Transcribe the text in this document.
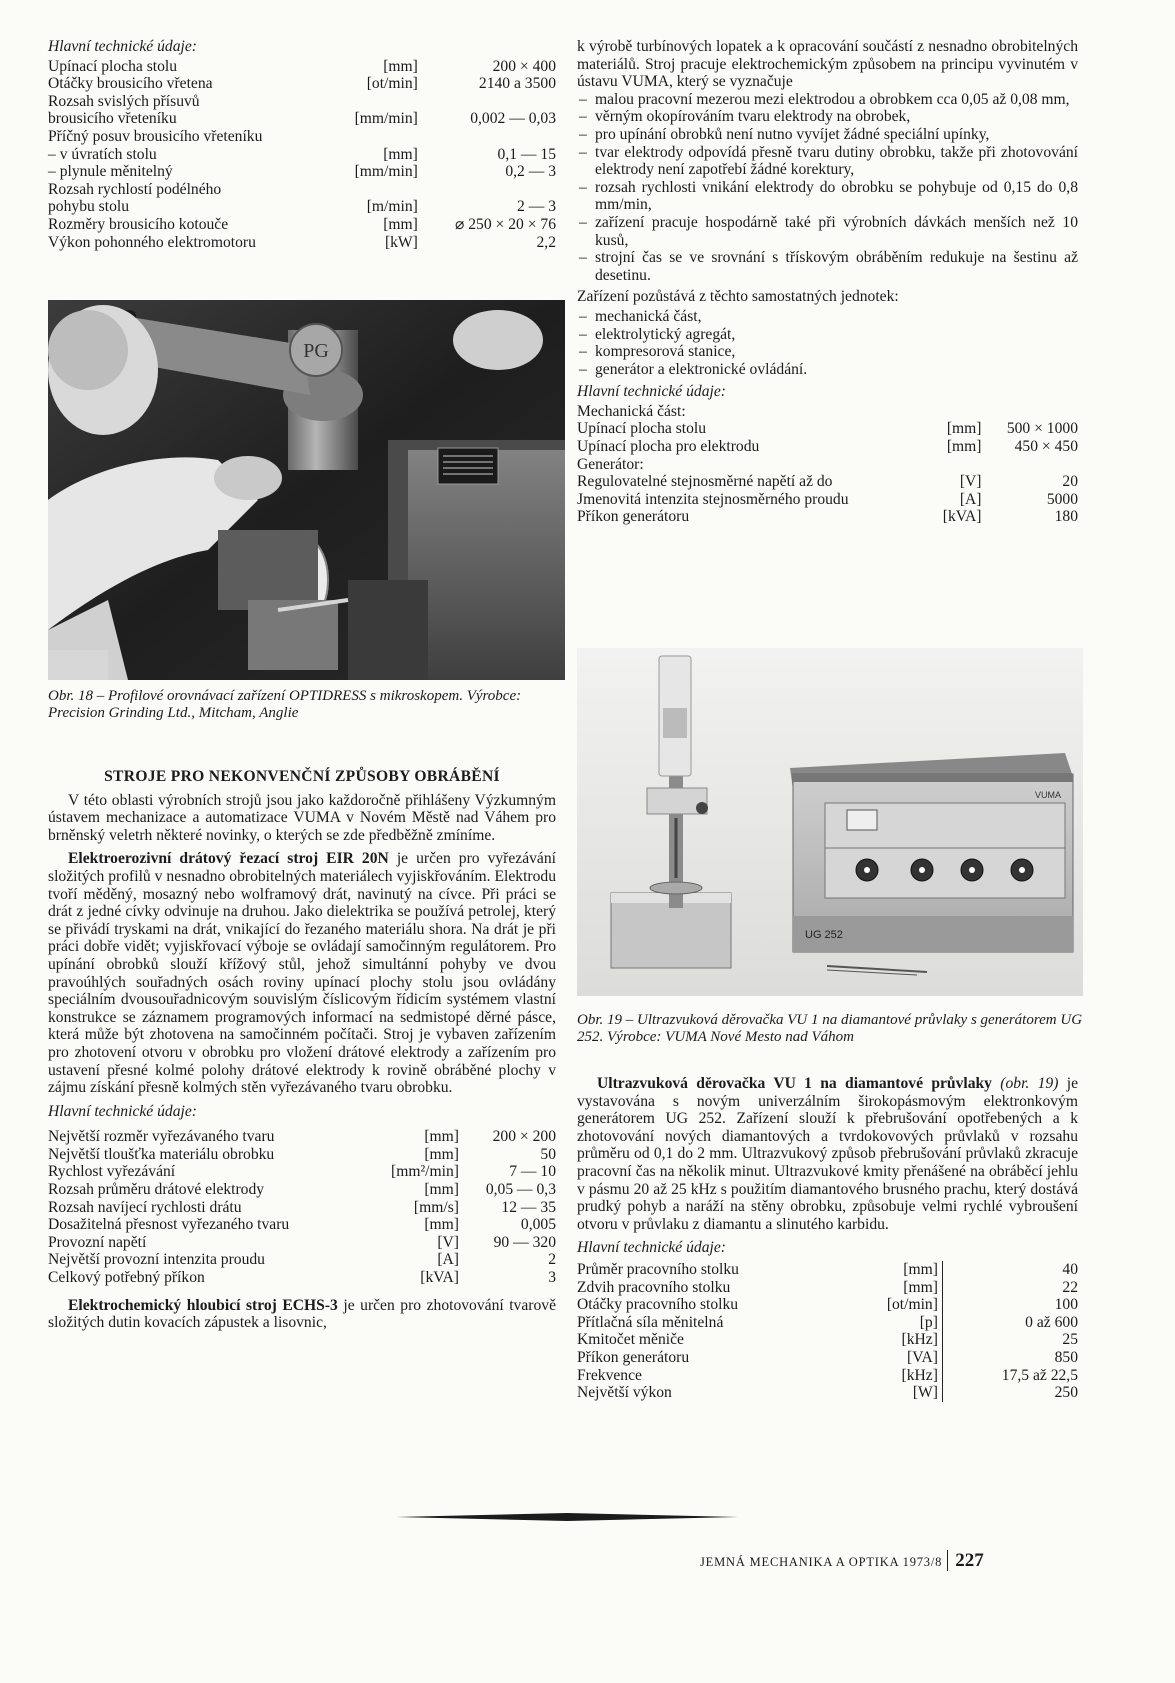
Hlavní technické údaje:
Upínací plocha stolu	[mm]	200 × 400
Otáčky brousicího vřetena	[ot/min]	2140 a 3500
Rozsah svislých přísuvů		
brousicího vřeteníku	[mm/min]	0,002 — 0,03
Příčný posuv brousicího vřeteníku		
– v úvratích stolu	[mm]	0,1 — 15
– plynule měnitelný	[mm/min]	0,2 — 3
Rozsah rychlostí podélného		
pohybu stolu	[m/min]	2 — 3
Rozměry brousicího kotouče	[mm]	⌀ 250 × 20 × 76
Výkon pohonného elektromotoru	[kW]	2,2
PG
Obr. 18 – Profilové orovnávací zařízení OPTIDRESS s mikroskopem. Výrobce: Precision Grinding Ltd., Mitcham, Anglie
STROJE PRO NEKONVENČNÍ ZPŮSOBY OBRÁBĚNÍ

V této oblasti výrobních strojů jsou jako každoročně přihlášeny Výzkumným ústavem mechanizace a automatizace VUMA v Novém Městě nad Váhem pro brněnský veletrh některé novinky, o kterých se zde předběžně zmíníme.

Elektroerozivní drátový řezací stroj EIR 20N je určen pro vyřezávání složitých profilů v nesnadno obrobitelných materiálech vyjiskřováním. Elektrodu tvoří měděný, mosazný nebo wolframový drát, navinutý na cívce. Při práci se drát z jedné cívky odvinuje na druhou. Jako dielektrika se používá petrolej, který se přivádí tryskami na drát, vnikající do řezaného materiálu shora. Na drát je při práci dobře vidět; vyjiskřovací výboje se ovládají samočinným regulátorem. Pro upínání obrobků slouží křížový stůl, jehož simultánní pohyby ve dvou pravoúhlých souřadných osách roviny upínací plochy stolu jsou ovládány speciálním dvousouřadnicovým souvislým číslicovým řídicím systémem vlastní konstrukce se záznamem programových informací na sedmistopé děrné pásce, která může být zhotovena na samočinném počítači. Stroj je vybaven zařízením pro zhotovení otvoru v obrobku pro vložení drátové elektrody a zařízením pro ustavení přesné kolmé polohy drátové elektrody k rovině obráběné plochy v zájmu získání přesně kolmých stěn vyřezávaného tvaru obrobku.

Hlavní technické údaje:
Největší rozměr vyřezávaného tvaru	[mm]	200 × 200
Největší tloušťka materiálu obrobku	[mm]	50
Rychlost vyřezávání	[mm²/min]	7 — 10
Rozsah průměru drátové elektrody	[mm]	0,05 — 0,3
Rozsah navíjecí rychlosti drátu	[mm/s]	12 — 35
Dosažitelná přesnost vyřezaného tvaru	[mm]	0,005
Provozní napětí	[V]	90 — 320
Největší provozní intenzita proudu	[A]	2
Celkový potřebný příkon	[kVA]	3

Elektrochemický hloubicí stroj ECHS-3 je určen pro zhotovování tvarově složitých dutin kovacích zápustek a lisovnic,

k výrobě turbínových lopatek a k opracování součástí z nesnadno obrobitelných materiálů. Stroj pracuje elektrochemickým způsobem na principu vyvinutém v ústavu VUMA, který se vyznačuje

– malou pracovní mezerou mezi elektrodou a obrobkem cca 0,05 až 0,08 mm,
– věrným okopírováním tvaru elektrody na obrobek,
– pro upínání obrobků není nutno vyvíjet žádné speciální upínky,
– tvar elektrody odpovídá přesně tvaru dutiny obrobku, takže při zhotovování elektrody není zapotřebí žádné korektury,
– rozsah rychlosti vnikání elektrody do obrobku se pohybuje od 0,15 do 0,8 mm/min,
– zařízení pracuje hospodárně také při výrobních dávkách menších než 10 kusů,
– strojní čas se ve srovnání s třískovým obráběním redukuje na šestinu až desetinu.

Zařízení pozůstává z těchto samostatných jednotek:

– mechanická část,
– elektrolytický agregát,
– kompresorová stanice,
– generátor a elektronické ovládání.
Hlavní technické údaje:
Mechanická část:		
Upínací plocha stolu	[mm]	500 × 1000
Upínací plocha pro elektrodu	[mm]	450 × 450
Generátor:		
Regulovatelné stejnosměrné napětí až do	[V]	20
Jmenovitá intenzita stejnosměrného proudu	[A]	5000
Příkon generátoru	[kVA]	180
UG 252
VUMA
Obr. 19 – Ultrazvuková děrovačka VU 1 na diamantové průvlaky s generátorem UG 252. Výrobce: VUMA Nové Mesto nad Váhom

Ultrazvuková děrovačka VU 1 na diamantové průvlaky (obr. 19) je vystavována s novým univerzálním širokopásmovým elektronkovým generátorem UG 252. Zařízení slouží k přebrušování opotřebených a k zhotovování nových diamantových a tvrdokovových průvlaků v rozsahu průměru od 0,1 do 2 mm. Ultrazvukový způsob přebrušování průvlaků zkracuje pracovní čas na několik minut. Ultrazvukové kmity přenášené na obráběcí jehlu v pásmu 20 až 25 kHz s použitím diamantového brusného prachu, který dostává prudký pohyb a naráží na stěny obrobku, způsobuje velmi rychlé vybroušení otvoru v průvlaku z diamantu a slinutého karbidu.

Hlavní technické údaje:
Průměr pracovního stolku	[mm]	40
Zdvih pracovního stolku	[mm]	22
Otáčky pracovního stolku	[ot/min]	100
Přítlačná síla měnitelná	[p]	0 až 600
Kmitočet měniče	[kHz]	25
Příkon generátoru	[VA]	850
Frekvence	[kHz]	17,5 až 22,5
Největší výkon	[W]	250
JEMNÁ MECHANIKA A OPTIKA 1973/8 227
